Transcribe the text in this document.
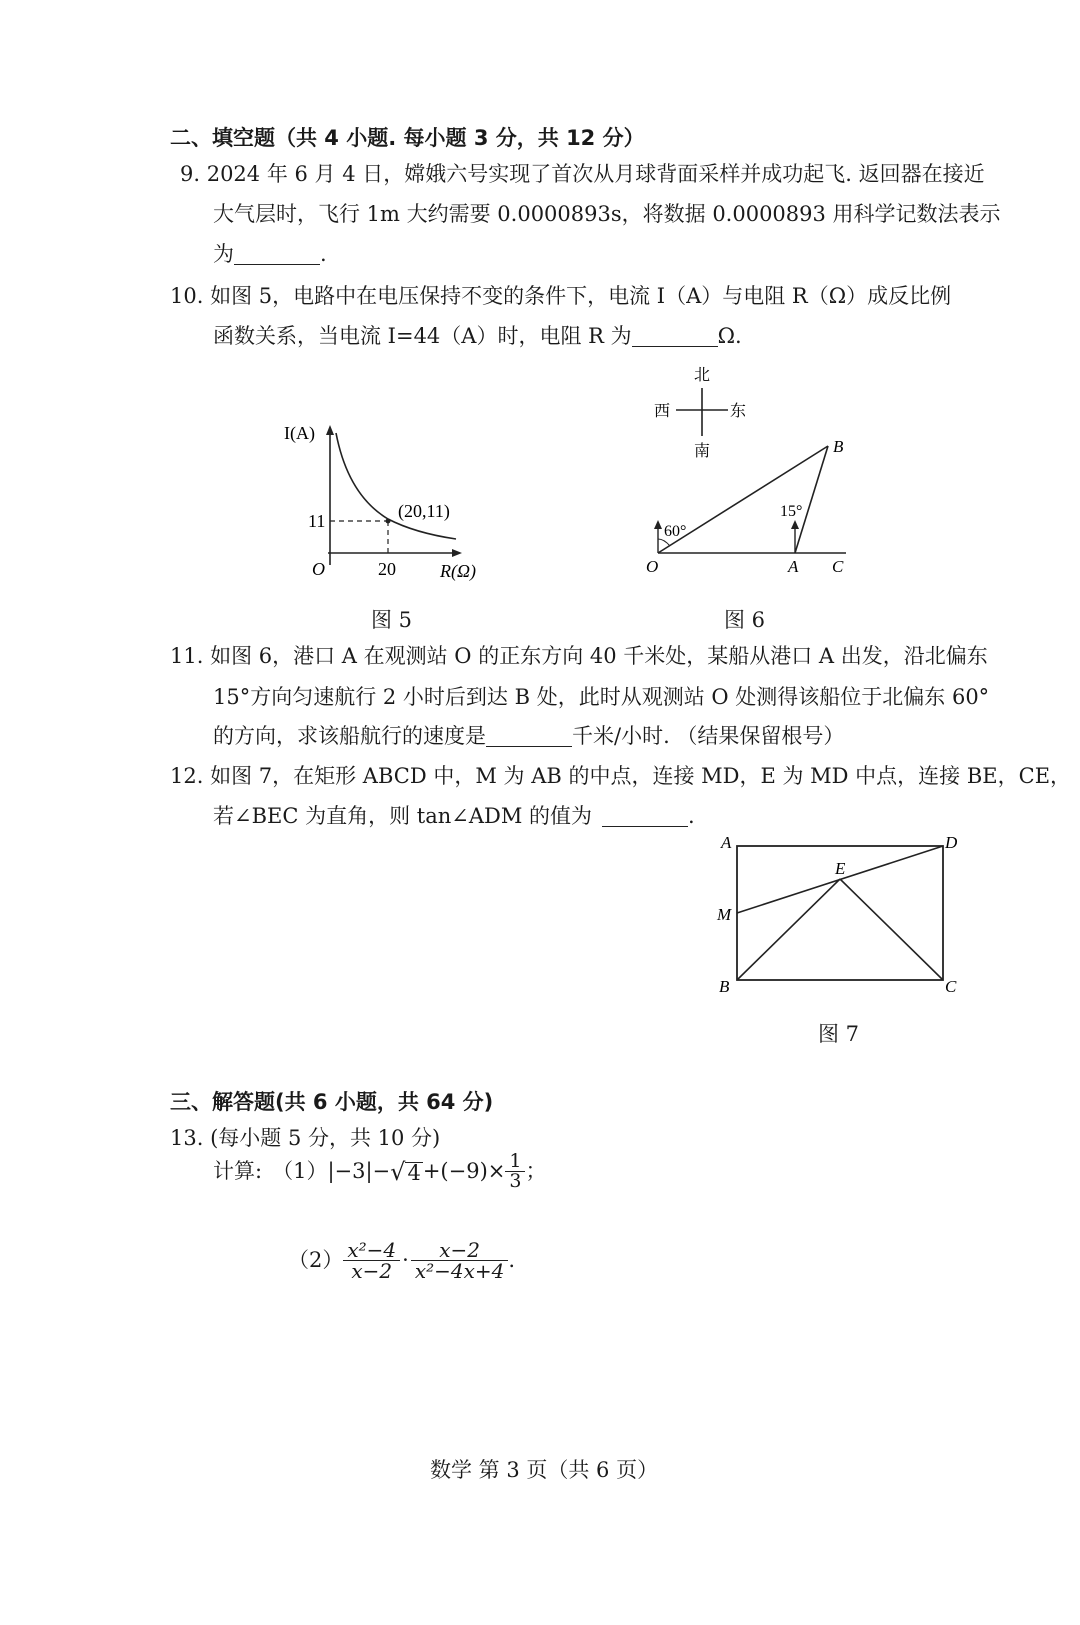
二、填空题（共 4 小题. 每小题 3 分，共 12 分）
9. 2024 年 6 月 4 日，嫦娥六号实现了首次从月球背面采样并成功起飞. 返回器在接近
大气层时，飞行 1m 大约需要 0.0000893s，将数据 0.0000893 用科学记数法表示
为	.
10. 如图 5，电路中在电压保持不变的条件下，电流 I（A）与电阻 R（Ω）成反比例
函数关系，当电流 I=44（A）时，电阻 R 为	Ω.
I(A)
R(Ω)
O	20
11	(20,11)
图 5
北
南
西	东
60°
15°
O	A
B
C
图 6
11. 如图 6，港口 A 在观测站 O 的正东方向 40 千米处，某船从港口 A 出发，沿北偏东
15°方向匀速航行 2 小时后到达 B 处，此时从观测站 O 处测得该船位于北偏东 60°
的方向，求该船航行的速度是	千米/小时. （结果保留根号）
12. 如图 7，在矩形 ABCD 中，M 为 AB 的中点，连接 MD，E 为 MD 中点，连接 BE，CE，
若∠BEC 为直角，则 tan∠ADM 的值为	.
A	D
M
E
B	C
图 7
三、解答题(共 6 小题，共 64 分)
13. (每小题 5 分，共 10 分)
计算: （1） |−3|− √ $4 +(-9)\times \frac{1}{3}$ ；
$(2) \frac{\text{x²−4}}{x-2} \cdot \frac{x-2}{\text{x²−4x+4}}$ .
数学 第 3 页（共 6 页）
